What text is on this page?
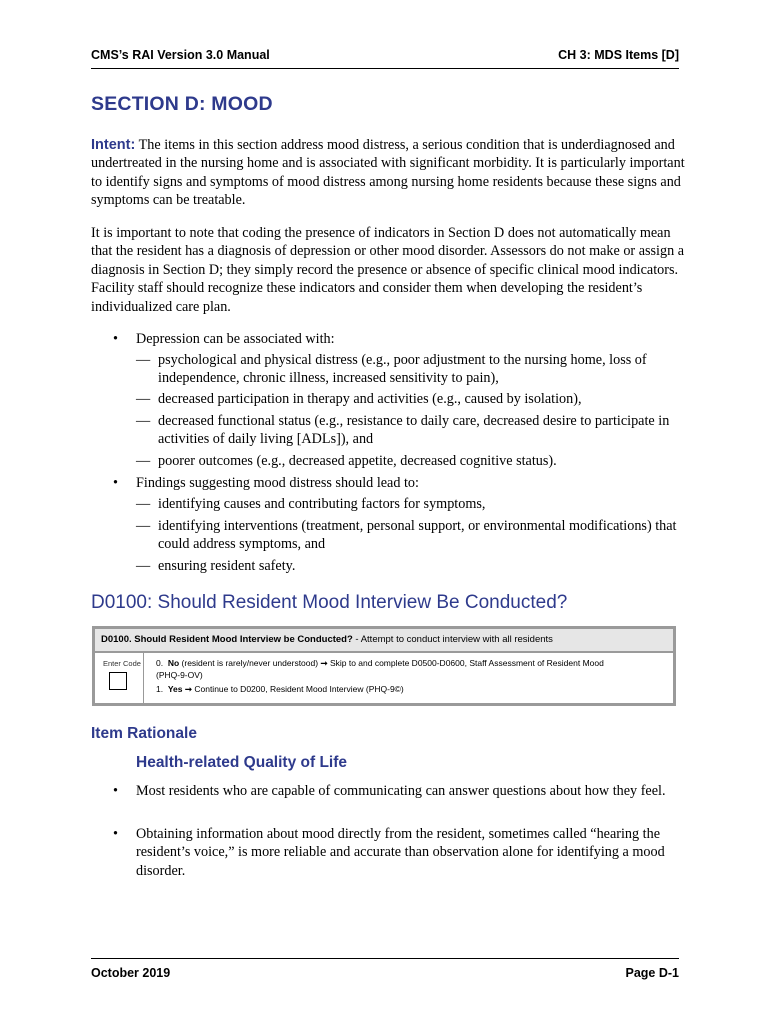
CMS’s RAI Version 3.0 Manual	CH 3: MDS Items [D]
SECTION D: MOOD
Intent: The items in this section address mood distress, a serious condition that is underdiagnosed and undertreated in the nursing home and is associated with significant morbidity. It is particularly important to identify signs and symptoms of mood distress among nursing home residents because these signs and symptoms can be treatable.
It is important to note that coding the presence of indicators in Section D does not automatically mean that the resident has a diagnosis of depression or other mood disorder. Assessors do not make or assign a diagnosis in Section D; they simply record the presence or absence of specific clinical mood indicators. Facility staff should recognize these indicators and consider them when developing the resident’s individualized care plan.
• Depression can be associated with:
— psychological and physical distress (e.g., poor adjustment to the nursing home, loss of independence, chronic illness, increased sensitivity to pain),
— decreased participation in therapy and activities (e.g., caused by isolation),
— decreased functional status (e.g., resistance to daily care, decreased desire to participate in activities of daily living [ADLs]), and
— poorer outcomes (e.g., decreased appetite, decreased cognitive status).
• Findings suggesting mood distress should lead to:
— identifying causes and contributing factors for symptoms,
— identifying interventions (treatment, personal support, or environmental modifications) that could address symptoms, and
— ensuring resident safety.
D0100: Should Resident Mood Interview Be Conducted?
D0100. Should Resident Mood Interview be Conducted? - Attempt to conduct interview with all residents
Enter Code 0. No (resident is rarely/never understood) ➞ Skip to and complete D0500-D0600, Staff Assessment of Resident Mood
(PHQ-9-OV)
1. Yes ➞ Continue to D0200, Resident Mood Interview (PHQ-9©)
Item Rationale
Health-related Quality of Life
• Most residents who are capable of communicating can answer questions about how they feel.
• Obtaining information about mood directly from the resident, sometimes called “hearing the resident’s voice,” is more reliable and accurate than observation alone for identifying a mood disorder.
October 2019	Page D-1
